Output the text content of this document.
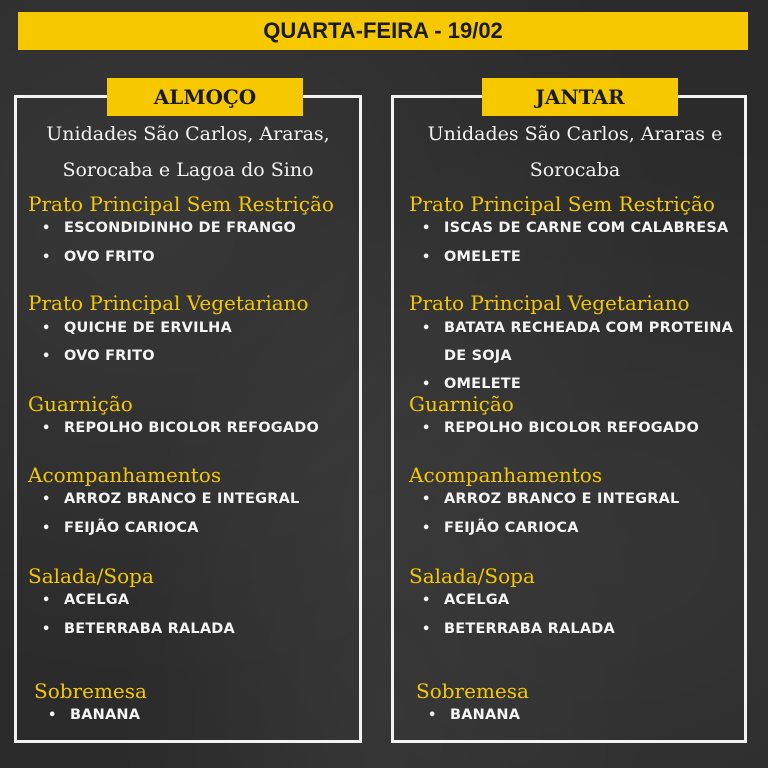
QUARTA-FEIRA - 19/02
ALMOÇO
Unidades São Carlos, Araras,
Sorocaba e Lagoa do Sino
Prato Principal Sem Restrição
• ESCONDIDINHO DE FRANGO
• OVO FRITO
Prato Principal Vegetariano
• QUICHE DE ERVILHA
• OVO FRITO
Guarnição
• REPOLHO BICOLOR REFOGADO
Acompanhamentos
• ARROZ BRANCO E INTEGRAL
• FEIJÃO CARIOCA
Salada/Sopa
• ACELGA
• BETERRABA RALADA
Sobremesa
• BANANA
JANTAR
Unidades São Carlos, Araras e
Sorocaba
Prato Principal Sem Restrição
• ISCAS DE CARNE COM CALABRESA
• OMELETE
Prato Principal Vegetariano
• BATATA RECHEADA COM PROTEINA
DE SOJA
• OMELETE
Guarnição
• REPOLHO BICOLOR REFOGADO
Acompanhamentos
• ARROZ BRANCO E INTEGRAL
• FEIJÃO CARIOCA
Salada/Sopa
• ACELGA
• BETERRABA RALADA
Sobremesa
• BANANA
